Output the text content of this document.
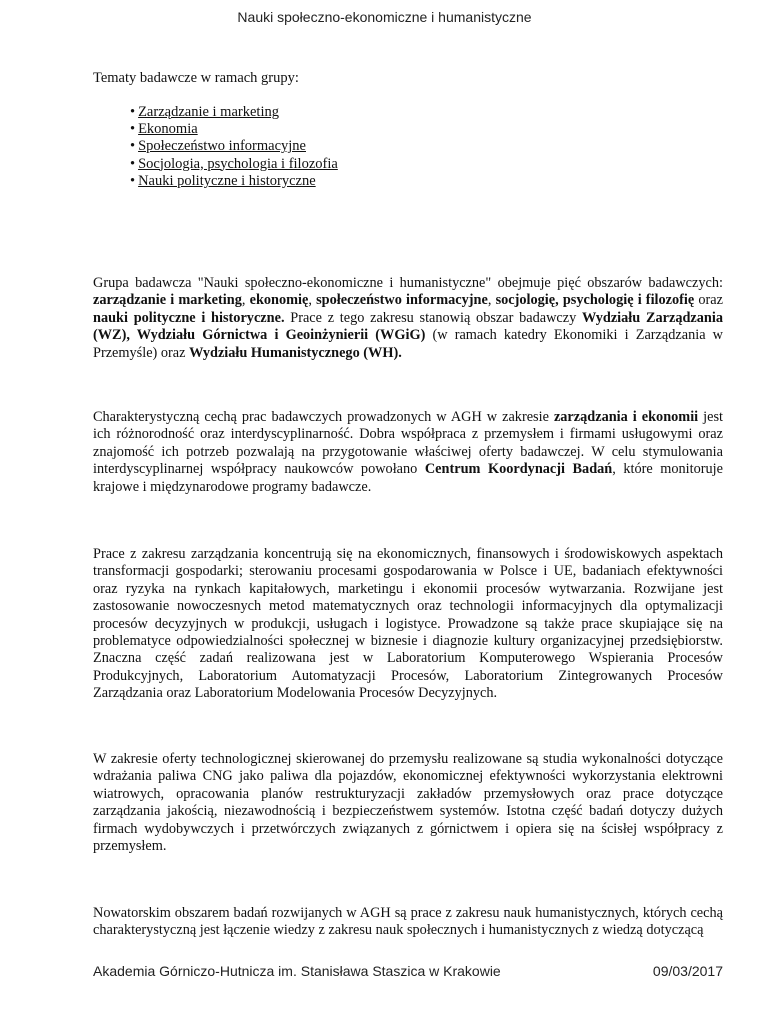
Nauki społeczno-ekonomiczne i humanistyczne
Tematy badawcze w ramach grupy:
• Zarządzanie i marketing
• Ekonomia
• Społeczeństwo informacyjne
• Socjologia, psychologia i filozofia
• Nauki polityczne i historyczne

Grupa badawcza "Nauki społeczno-ekonomiczne i humanistyczne" obejmuje pięć obszarów badawczych: zarządzanie i marketing, ekonomię, społeczeństwo informacyjne, socjologię, psychologię i filozofię oraz nauki polityczne i historyczne. Prace z tego zakresu stanowią obszar badawczy Wydziału Zarządzania (WZ), Wydziału Górnictwa i Geoinżynierii (WGiG) (w ramach katedry Ekonomiki i Zarządzania w Przemyśle) oraz Wydziału Humanistycznego (WH).

Charakterystyczną cechą prac badawczych prowadzonych w AGH w zakresie zarządzania i ekonomii jest ich różnorodność oraz interdyscyplinarność. Dobra współpraca z przemysłem i firmami usługowymi oraz znajomość ich potrzeb pozwalają na przygotowanie właściwej oferty badawczej. W celu stymulowania interdyscyplinarnej współpracy naukowców powołano Centrum Koordynacji Badań, które monitoruje krajowe i międzynarodowe programy badawcze.

Prace z zakresu zarządzania koncentrują się na ekonomicznych, finansowych i środowiskowych aspektach transformacji gospodarki; sterowaniu procesami gospodarowania w Polsce i UE, badaniach efektywności oraz ryzyka na rynkach kapitałowych, marketingu i ekonomii procesów wytwarzania. Rozwijane jest zastosowanie nowoczesnych metod matematycznych oraz technologii informacyjnych dla optymalizacji procesów decyzyjnych w produkcji, usługach i logistyce. Prowadzone są także prace skupiające się na problematyce odpowiedzialności społecznej w biznesie i diagnozie kultury organizacyjnej przedsiębiorstw. Znaczna część zadań realizowana jest w Laboratorium Komputerowego Wspierania Procesów Produkcyjnych, Laboratorium Automatyzacji Procesów, Laboratorium Zintegrowanych Procesów Zarządzania oraz Laboratorium Modelowania Procesów Decyzyjnych.

W zakresie oferty technologicznej skierowanej do przemysłu realizowane są studia wykonalności dotyczące wdrażania paliwa CNG jako paliwa dla pojazdów, ekonomicznej efektywności wykorzystania elektrowni wiatrowych, opracowania planów restrukturyzacji zakładów przemysłowych oraz prace dotyczące zarządzania jakością, niezawodnością i bezpieczeństwem systemów. Istotna część badań dotyczy dużych firmach wydobywczych i przetwórczych związanych z górnictwem i opiera się na ścisłej współpracy z przemysłem.

Nowatorskim obszarem badań rozwijanych w AGH są prace z zakresu nauk humanistycznych, których cechą charakterystyczną jest łączenie wiedzy z zakresu nauk społecznych i humanistycznych z wiedzą dotyczącą

Akademia Górniczo-Hutnicza im. Stanisława Staszica w Krakowie	09/03/2017
